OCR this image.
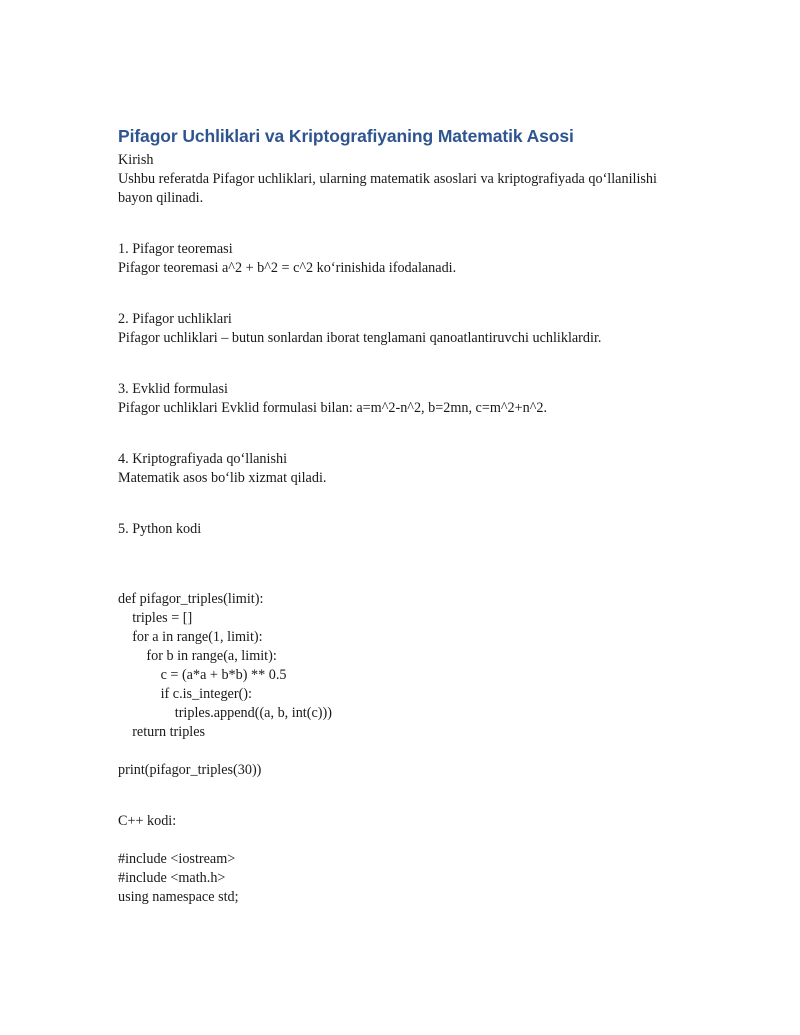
Pifagor Uchliklari va Kriptografiyaning Matematik Asosi
Kirish
Ushbu referatda Pifagor uchliklari, ularning matematik asoslari va kriptografiyada qo‘llanilishi bayon qilinadi.
1. Pifagor teoremasi
Pifagor teoremasi a^2 + b^2 = c^2 ko‘rinishida ifodalanadi.
2. Pifagor uchliklari
Pifagor uchliklari – butun sonlardan iborat tenglamani qanoatlantiruvchi uchliklardir.
3. Evklid formulasi
Pifagor uchliklari Evklid formulasi bilan: a=m^2-n^2, b=2mn, c=m^2+n^2.
4. Kriptografiyada qo‘llanishi
Matematik asos bo‘lib xizmat qiladi.
5. Python kodi
def pifagor_triples(limit):
triples = []
for a in range(1, limit):
for b in range(a, limit):
c = (a*a + b*b) ** 0.5
if c.is_integer():
triples.append((a, b, int(c)))
return triples

print(pifagor_triples(30))
C++ kodi:
#include <iostream>
#include <math.h>
using namespace std;
